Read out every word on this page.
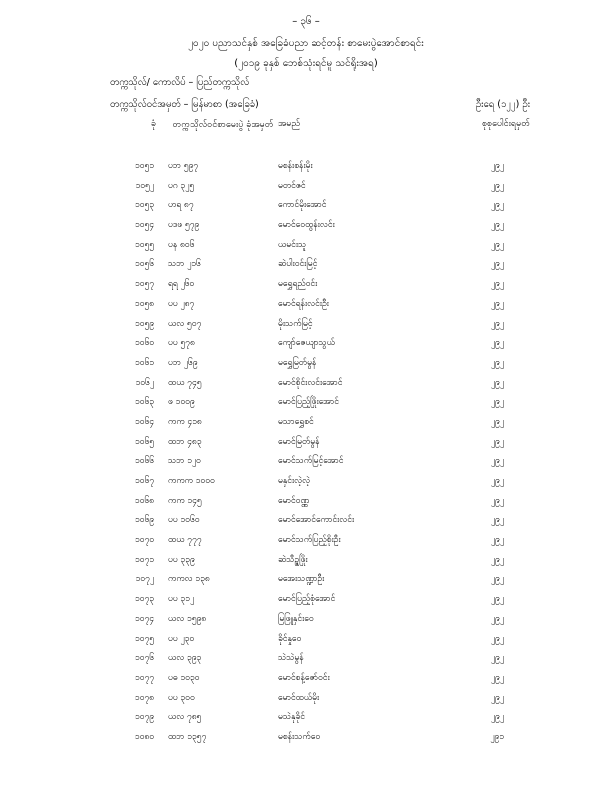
– ၃၆ –
၂၀၂၀ ပညာသင်နှစ် အခြေခံပညာ ဆင့်တန်း စာမေးပွဲအောင်စာရင်း
(၂၀၁၉ ခုနှစ် ဘေစ်သုံးရင်မူ သင်ရိုးအရ)
တက္ကသိုလ်/ ကောလိပ် – ပြည်တက္ကသိုလ်
တက္ကသိုလ်ဝင်အမှတ် – မြန်မာစာ (အခြေခံ)	ဦးရေ (၁၂၂) ဦး
ခုံ	တက္ကသိုလ်ဝင်စာမေးပွဲ ခုံအမှတ် အမည်	စုစုပေါင်းရမှတ်
၁၀၅၁ ပဘ ၅၉၇	မစန်းစန်းမိုး	၂၉၂
၁၀၅၂ ပဂ ၃၂၅	မတင်ဇင်	၂၉၂
၁၀၅၃ ဟရ ၈၇	ကောင်မိုးအောင်	၂၉၂
၁၀၅၄ ပဒဖ ၅၇၉	မောင်ဝေထွန်းလင်း	၂၉၂
၁၀၅၅ ပန ၈၀၆	ယမင်းသူ	၂၉၂
၁၀၅၆ သဘ ၂၁၆	ဆဲပါးဝင်းမြင့်	၂၉၂
၁၀၅၇ ရရ ၂၆၀	မရွှေရည်ဝင်း	၂၉၂
၁၀၅၈ ပပ ၂၈၇	မောင်ရန်းလင်းဦး	၂၉၂
၁၀၅၉ ယလ ၅၀၇	မိုးသက်မြင့်	၂၉၂
၁၀၆၀ ပပ ၅၇၈	ကျော်ဇေယျာသွယ်	၂၉၂
၁၀၆၁ ပဘ ၂၆၉	မရွှေမြတ်မွန်	၂၉၂
၁၀၆၂ ထယ ၇၄၅	မောင်စိုင်းလင်းအောင်	၂၉၂
၁၀၆၃ ဖ ၁၀၀၉	မောင်ပြည့်ဖြိုးအောင်	၂၉၂
၁၀၆၄ ကက ၄၁၈	မသာရွှေစင်	၂၉၂
၁၀၆၅ ထဘ ၄၈၃	မောင်မြတ်မွန်	၂၉၂
၁၀၆၆ သဘ ၁၂၀	မောင်သက်မြင့်အောင်	၂၉၂
၁၀၆၇ ကကက ၁၀၀၀	မနှင်းလဲ့လဲ့	၂၉၂
၁၀၆၈ ကက ၁၄၅	မောင်ဝဏ္ဏ	၂၉၂
၁၀၆၉ ပပ ၁၀၆၀	မောင်အောင်ကောင်းလင်း	၂၉၂
၁၀၇၀ ထယ ၇၇၇	မောင်သက်ပြည့်စိုးဦး	၂၉၂
၁၀၇၁ ပပ ၃၃၉	ဆဲသီဥ္ဇဖြိုး	၂၉၂
၁၀၇၂ ကကလ ၁၃၈	မအေးသဏ္ဍာဦး	၂၉၂
၁၀၇၃ ပပ ၃၁၂	မောင်ပြည့်စုံအောင်	၂၉၂
၁၀၇၄ ယလ ၁၅၉၈	မြဖြူနှင်းဝေ	၂၉၂
၁၀၇၅ ပပ ၂၃၀	ခိုင်နှုဝေ	၂၉၂
၁၀၇၆ ယလ ၃၉၃	သဲသဲမွန်	၂၉၂
၁၀၇၇ ပဓ ၁၀၃၀	မောင်စန့်ဇော်ဝင်း	၂၉၂
၁၀၇၈ ပပ ၃၀၀	မောင်ထယ်မိုး	၂၉၂
၁၀၇၉ ယလ ၇၈၅	မသဲနုခိုင်	၂၉၂
၁၀၈၀ ထဘ ၁၃၅၇	မစန်းသက်ဝေ	၂၉၁
